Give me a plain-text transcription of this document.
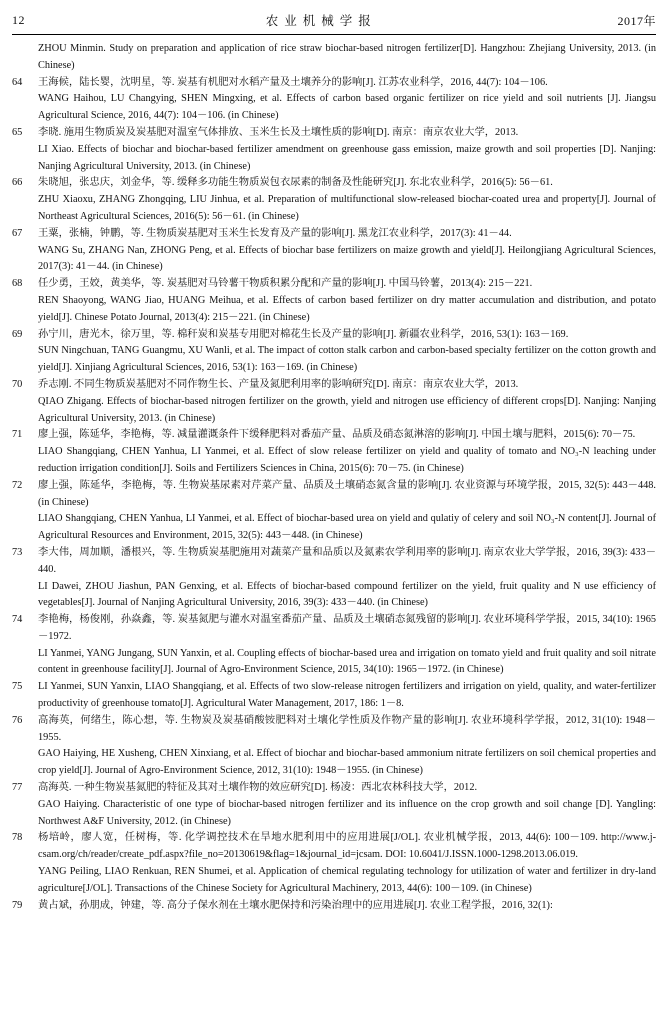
12	农业机械学报	2017年
ZHOU Minmin. Study on preparation and application of rice straw biochar-based nitrogen fertilizer[D]. Hangzhou: Zhejiang University, 2013. (in Chinese)
64	王海候，陆长婴，沈明星，等. 炭基有机肥对水稻产量及土壤养分的影响[J]. 江苏农业科学，2016, 44(7): 104－106.
WANG Haihou, LU Changying, SHEN Mingxing, et al. Effects of carbon based organic fertilizer on rice yield and soil nutrients [J]. Jiangsu Agricultural Science, 2016, 44(7): 104－106. (in Chinese)
65	李晓. 施用生物质炭及炭基肥对温室气体排放、玉米生长及土壤性质的影响[D]. 南京：南京农业大学，2013.
LI Xiao. Effects of biochar and biochar-based fertilizer amendment on greenhouse gass emission, maize growth and soil properties [D]. Nanjing: Nanjing Agricultural University, 2013. (in Chinese)
66	朱晓旭，张忠庆，刘金华，等. 缓释多功能生物质炭包衣尿素的制备及性能研究[J]. 东北农业科学，2016(5): 56－61.
ZHU Xiaoxu, ZHANG Zhongqing, LIU Jinhua, et al. Preparation of multifunctional slow-released biochar-coated urea and property[J]. Journal of Northeast Agricultural Sciences, 2016(5): 56－61. (in Chinese)
67	王粟，张楠，钟鹏，等. 生物质炭基肥对玉米生长发育及产量的影响[J]. 黑龙江农业科学，2017(3): 41－44.
WANG Su, ZHANG Nan, ZHONG Peng, et al. Effects of biochar base fertilizers on maize growth and yield[J]. Heilongjiang Agricultural Sciences, 2017(3): 41－44. (in Chinese)
68	任少勇，王姣，黄美华，等. 炭基肥对马铃薯干物质积累分配和产量的影响[J]. 中国马铃薯，2013(4): 215－221.
REN Shaoyong, WANG Jiao, HUANG Meihua, et al. Effects of carbon based fertilizer on dry matter accumulation and distribution, and potato yield[J]. Chinese Potato Journal, 2013(4): 215－221. (in Chinese)
69	孙宁川，唐光木，徐万里，等. 棉秆炭和炭基专用肥对棉花生长及产量的影响[J]. 新疆农业科学，2016, 53(1): 163－169.
SUN Ningchuan, TANG Guangmu, XU Wanli, et al. The impact of cotton stalk carbon and carbon-based specialty fertilizer on the cotton growth and yield[J]. Xinjiang Agricultural Sciences, 2016, 53(1): 163－169. (in Chinese)
70	乔志刚. 不同生物质炭基肥对不同作物生长、产量及氮肥利用率的影响研究[D]. 南京：南京农业大学，2013.
QIAO Zhigang. Effects of biochar-based nitrogen fertilizer on the growth, yield and nitrogen use efficiency of different crops[D]. Nanjing: Nanjing Agricultural University, 2013. (in Chinese)
71	廖上强，陈延华，李艳梅，等. 减量灌溉条件下缓释肥料对番茄产量、品质及硝态氮淋溶的影响[J]. 中国土壤与肥料，2015(6): 70－75.
LIAO Shangqiang, CHEN Yanhua, LI Yanmei, et al. Effect of slow release fertilizer on yield and quality of tomato and NO₃-N leaching under reduction irrigation condition[J]. Soils and Fertilizers Sciences in China, 2015(6): 70－75. (in Chinese)
72	廖上强，陈延华，李艳梅，等. 生物炭基尿素对芹菜产量、品质及土壤硝态氮含量的影响[J]. 农业资源与环境学报，2015, 32(5): 443－448. (in Chinese)
LIAO Shangqiang, CHEN Yanhua, LI Yanmei, et al. Effect of biochar-based urea on yield and qulatiy of celery and soil NO₃-N content[J]. Journal of Agricultural Resources and Environment, 2015, 32(5): 443－448. (in Chinese)
73	李大伟，周加顺，潘根兴，等. 生物质炭基肥施用对蔬菜产量和品质以及氮素农学利用率的影响[J]. 南京农业大学学报，2016, 39(3): 433－440.
LI Dawei, ZHOU Jiashun, PAN Genxing, et al. Effects of biochar-based compound fertilizer on the yield, fruit quality and N use efficiency of vegetables[J]. Journal of Nanjing Agricultural University, 2016, 39(3): 433－440. (in Chinese)
74	李艳梅，杨俊刚，孙焱鑫，等. 炭基氮肥与灌水对温室番茄产量、品质及土壤硝态氮残留的影响[J]. 农业环境科学学报，2015, 34(10): 1965－1972.
LI Yanmei, YANG Jungang, SUN Yanxin, et al. Coupling effects of biochar-based urea and irrigation on tomato yield and fruit quality and soil nitrate content in greenhouse facility[J]. Journal of Agro-Environment Science, 2015, 34(10): 1965－1972. (in Chinese)
75	LI Yanmei, SUN Yanxin, LIAO Shangqiang, et al. Effects of two slow-release nitrogen fertilizers and irrigation on yield, quality, and water-fertilizer productivity of greenhouse tomato[J]. Agricultural Water Management, 2017, 186: 1－8.
76	高海英，何绪生，陈心想，等. 生物炭及炭基硝酸铵肥料对土壤化学性质及作物产量的影响[J]. 农业环境科学学报，2012, 31(10): 1948－1955.
GAO Haiying, HE Xusheng, CHEN Xinxiang, et al. Effect of biochar and biochar-based ammonium nitrate fertilizers on soil chemical properties and crop yield[J]. Journal of Agro-Environment Science, 2012, 31(10): 1948－1955. (in Chinese)
77	高海英. 一种生物炭基氮肥的特征及其对土壤作物的效应研究[D]. 杨凌：西北农林科技大学，2012.
GAO Haiying. Characteristic of one type of biochar-based nitrogen fertilizer and its influence on the crop growth and soil change [D]. Yangling: Northwest A&F University, 2012. (in Chinese)
78	杨培岭，廖人宽，任树梅，等. 化学调控技术在旱地水肥利用中的应用进展[J/OL]. 农业机械学报，2013, 44(6): 100－109. http://www.j-csam.org/ch/reader/create_pdf.aspx?file_no=20130619&flag=1&journal_id=jcsam. DOI: 10.6041/J.ISSN.1000-1298.2013.06.019.
YANG Peiling, LIAO Renkuan, REN Shumei, et al. Application of chemical regulating technology for utilization of water and fertilizer in dry-land agriculture[J/OL]. Transactions of the Chinese Society for Agricultural Machinery, 2013, 44(6): 100－109. (in Chinese)
79	黄占斌，孙朋成，钟建，等. 高分子保水剂在土壤水肥保持和污染治理中的应用进展[J]. 农业工程学报，2016, 32(1):
